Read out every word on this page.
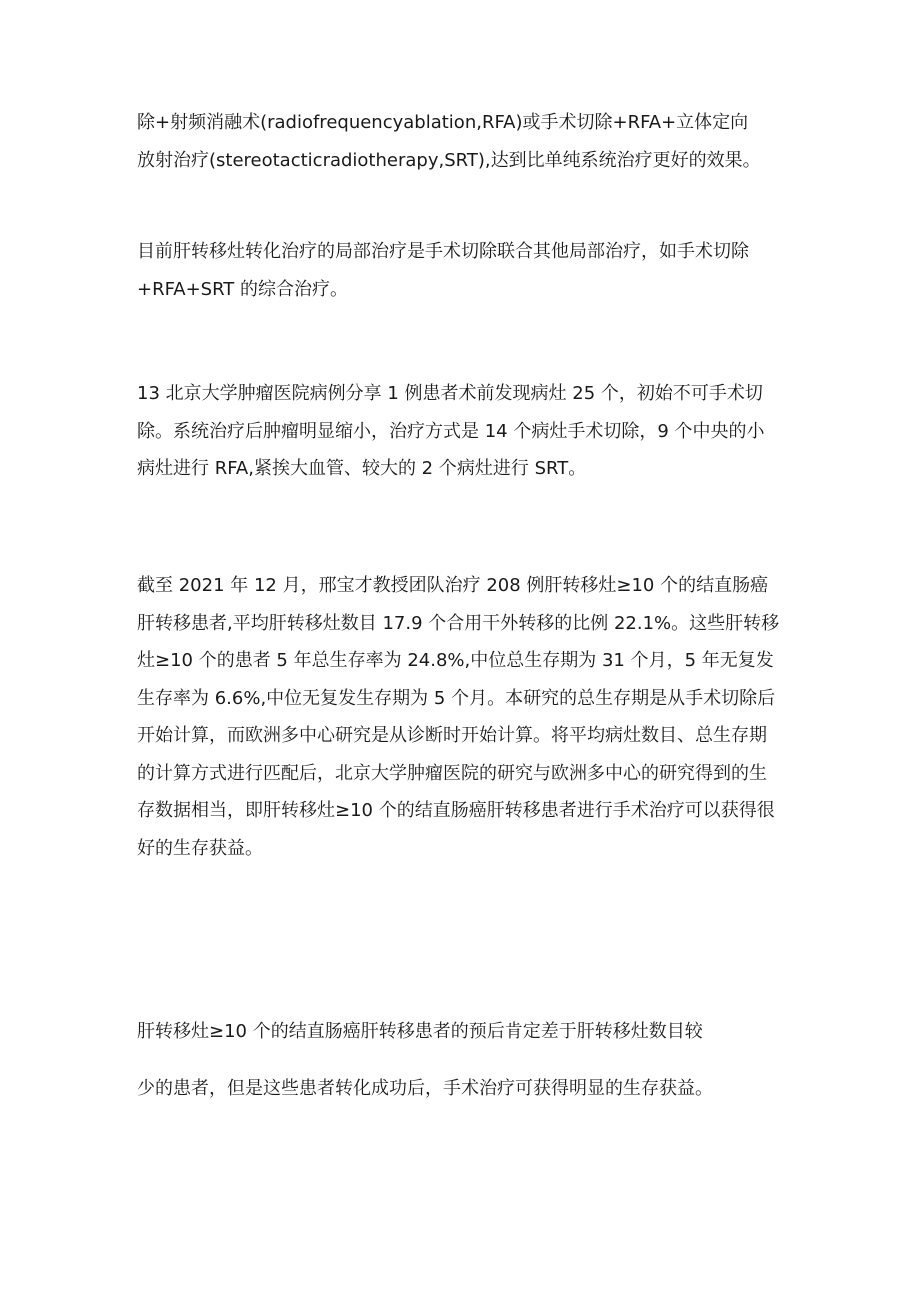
除+射频消融术(radiofrequencyablation,RFA)或手术切除+RFA+立体定向
放射治疗(stereotacticradiotherapy,SRT),达到比单纯系统治疗更好的效果。

目前肝转移灶转化治疗的局部治疗是手术切除联合其他局部治疗，如手术切除
+RFA+SRT 的综合治疗。

13 北京大学肿瘤医院病例分享 1 例患者术前发现病灶 25 个，初始不可手术切
除。系统治疗后肿瘤明显缩小，治疗方式是 14 个病灶手术切除，9 个中央的小
病灶进行 RFA,紧挨大血管、较大的 2 个病灶进行 SRT。

截至 2021 年 12 月，邢宝才教授团队治疗 208 例肝转移灶≥10 个的结直肠癌
肝转移患者,平均肝转移灶数目 17.9 个合用干外转移的比例 22.1%。这些肝转移
灶≥10 个的患者 5 年总生存率为 24.8%,中位总生存期为 31 个月，5 年无复发
生存率为 6.6%,中位无复发生存期为 5 个月。本研究的总生存期是从手术切除后
开始计算，而欧洲多中心研究是从诊断时开始计算。将平均病灶数目、总生存期
的计算方式进行匹配后，北京大学肿瘤医院的研究与欧洲多中心的研究得到的生
存数据相当，即肝转移灶≥10 个的结直肠癌肝转移患者进行手术治疗可以获得很
好的生存获益。

肝转移灶≥10 个的结直肠癌肝转移患者的预后肯定差于肝转移灶数目较

少的患者，但是这些患者转化成功后，手术治疗可获得明显的生存获益。
